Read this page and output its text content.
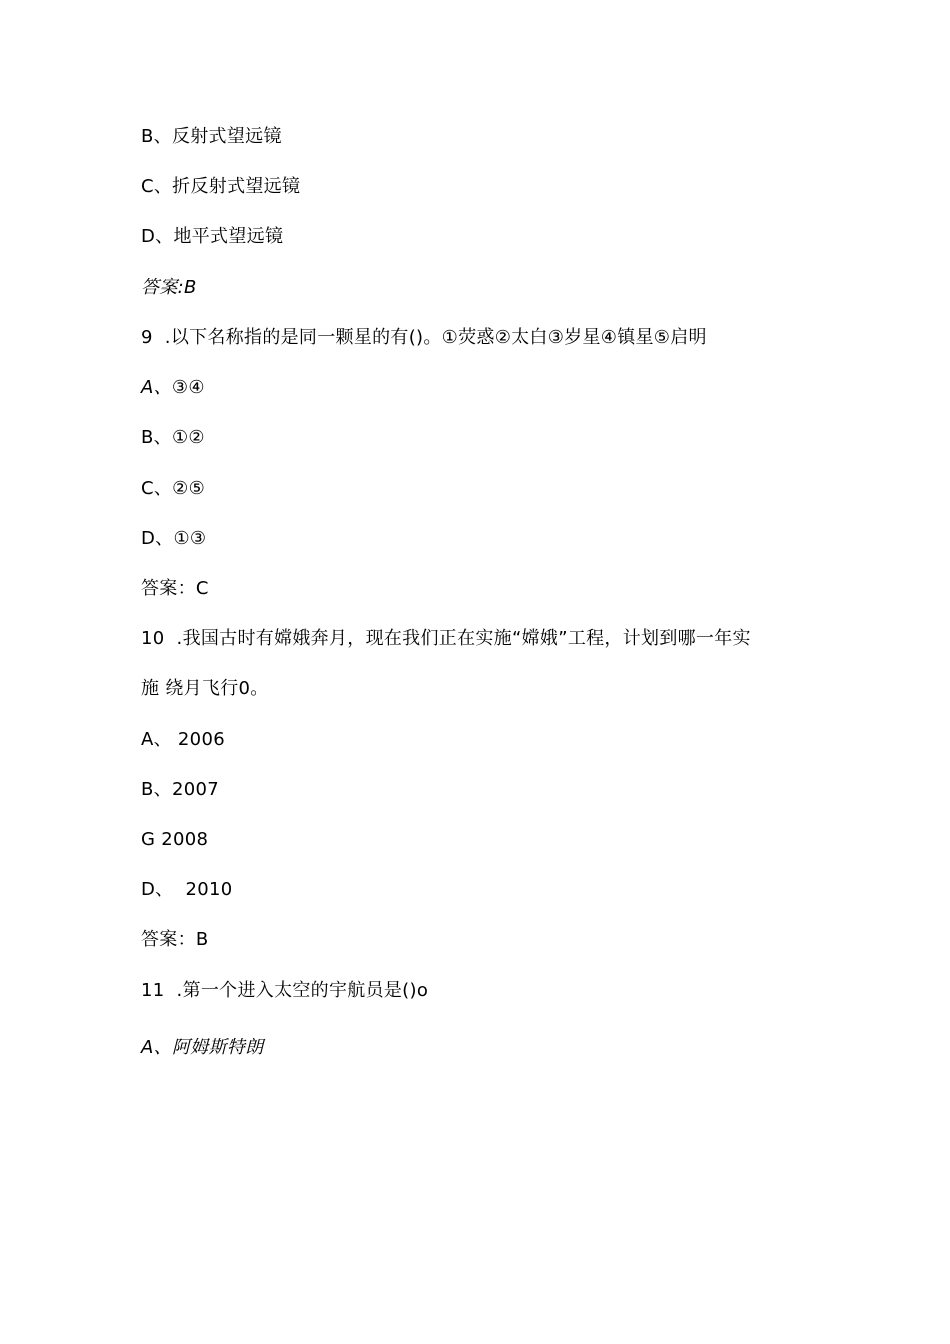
B、反射式望远镜
C、折反射式望远镜
D、地平式望远镜
答案:B
9  .以下名称指的是同一颗星的有()。①荧惑②太白③岁星④镇星⑤启明
A、③④
B、①②
C、②⑤
D、①③
答案：C
10  .我国古时有嫦娥奔月，现在我们正在实施“嫦娥”工程，计划到哪一年实
施 绕月飞行0。
A、 2006
B、2007
G 2008
D、  2010
答案：B
11  .第一个进入太空的宇航员是()o
A、阿姆斯特朗
